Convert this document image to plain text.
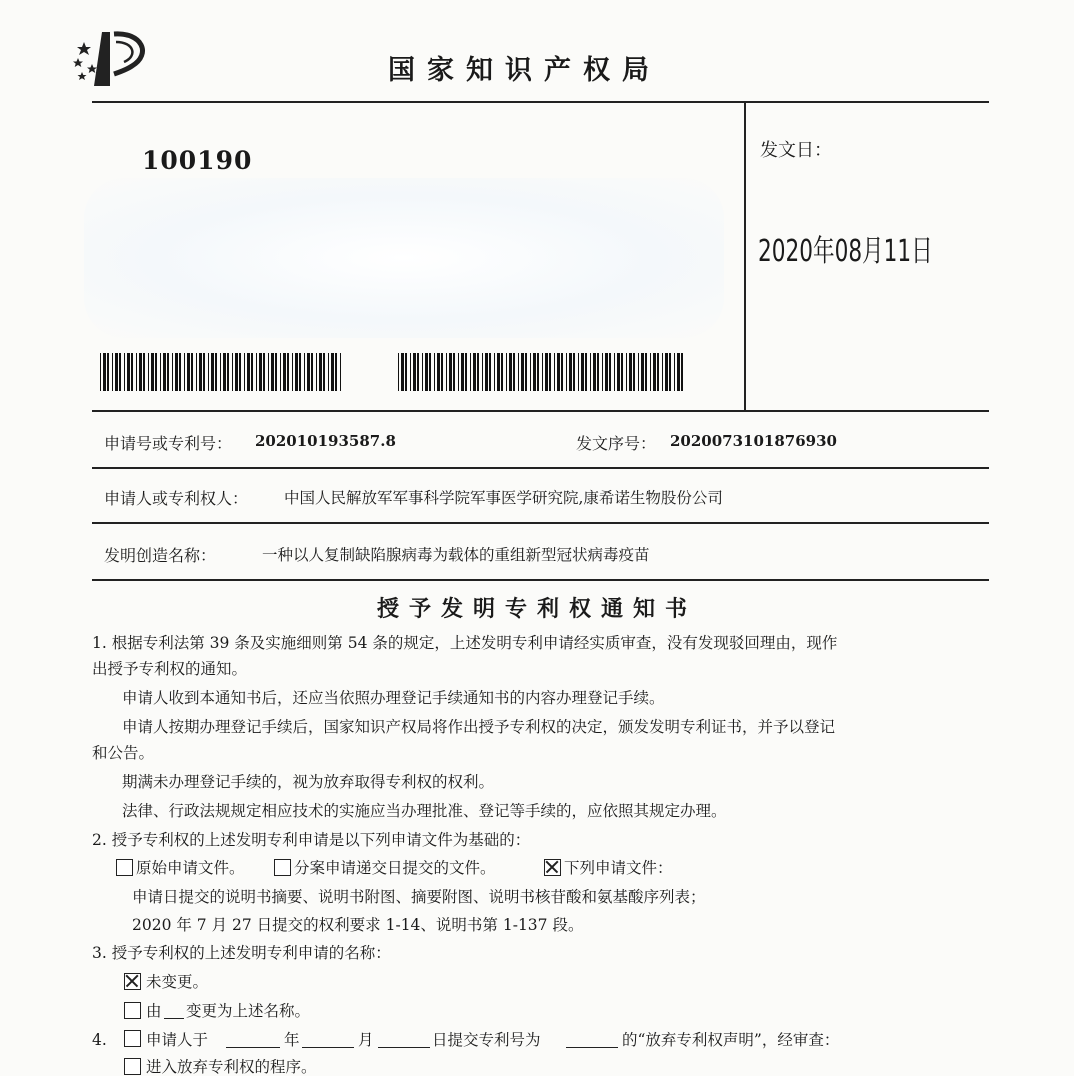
国家知识产权局
100190	发文日：
2020年08月11日
申请号或专利号： 202010193587.8	发文序号： 2020073101876930
申请人或专利权人： 中国人民解放军军事科学院军事医学研究院,康希诺生物股份公司
发明创造名称：	一种以人复制缺陷腺病毒为载体的重组新型冠状病毒疫苗
授予发明专利权通知书
1. 根据专利法第 39 条及实施细则第 54 条的规定，上述发明专利申请经实质审查，没有发现驳回理由，现作
出授予专利权的通知。
申请人收到本通知书后，还应当依照办理登记手续通知书的内容办理登记手续。
申请人按期办理登记手续后，国家知识产权局将作出授予专利权的决定，颁发发明专利证书，并予以登记
和公告。
期满未办理登记手续的，视为放弃取得专利权的权利。
法律、行政法规规定相应技术的实施应当办理批准、登记等手续的，应依照其规定办理。
2. 授予专利权的上述发明专利申请是以下列申请文件为基础的：
原始申请文件。	分案申请递交日提交的文件。	下列申请文件：
申请日提交的说明书摘要、说明书附图、摘要附图、说明书核苷酸和氨基酸序列表；
2020 年 7 月 27 日提交的权利要求 1-14、说明书第 1-137 段。
3. 授予专利权的上述发明专利申请的名称：
未变更。
由 变更为上述名称。
4.	申请人于	年	月	日提交专利号为	的“放弃专利权声明”，经审查：
进入放弃专利权的程序。
